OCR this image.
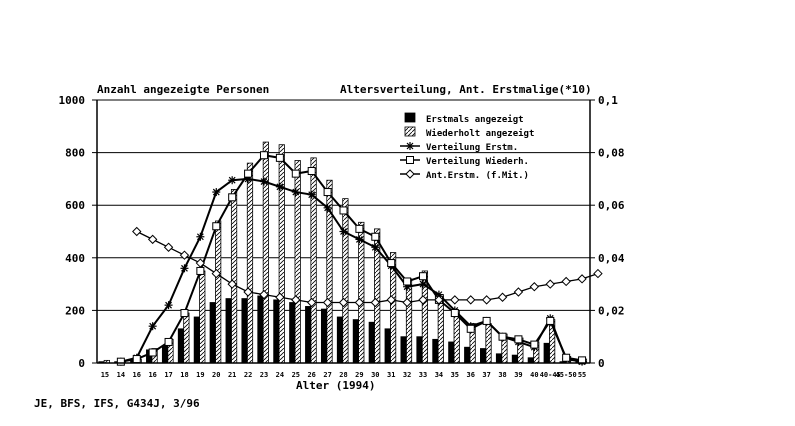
Anzahl angezeigte Personen	Altersverteilung, Ant. Erstmalige(*10)
0
200
400
600
800
1000
0
0,02
0,04
0,06
0,08
0,1
15 14 16 16 17 18 19 20 21 22 23 24 25 26 27 28 29 30 31 32 33 34 35 36 37 38 39 40 40-45
45-50 55
Erstmals angezeigt
Wiederholt angezeigt
Verteilung Erstm.
Verteilung Wiederh.
Ant.Erstm. (f.Mit.)
Alter (1994)
JE, BFS, IFS, G434J, 3/96
